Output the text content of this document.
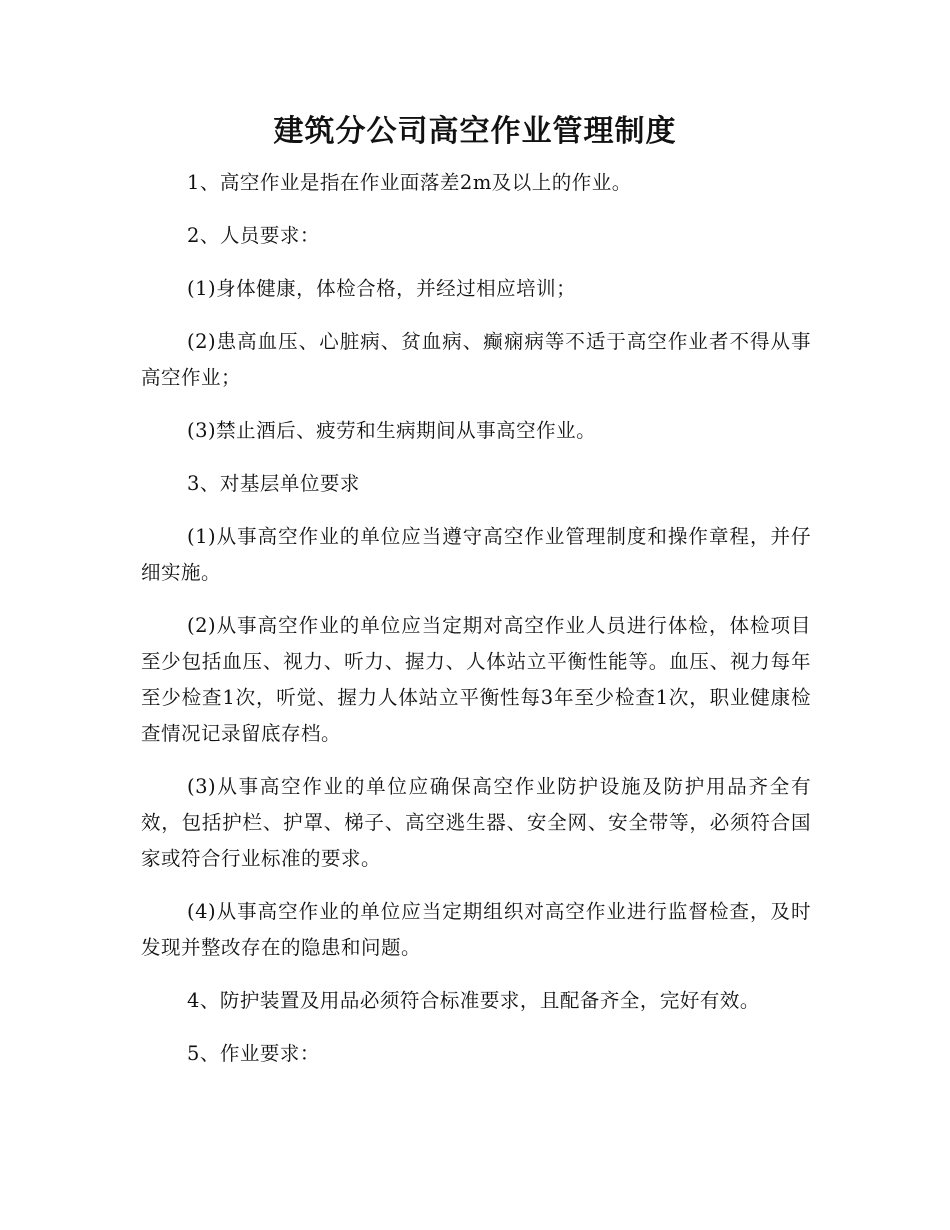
建筑分公司高空作业管理制度

1、高空作业是指在作业面落差2m及以上的作业。

2、人员要求：

(1)身体健康，体检合格，并经过相应培训；

(2)患高血压、心脏病、贫血病、癫痫病等不适于高空作业者不得从事高空作业；

(3)禁止酒后、疲劳和生病期间从事高空作业。

3、对基层单位要求

(1)从事高空作业的单位应当遵守高空作业管理制度和操作章程，并仔细实施。

(2)从事高空作业的单位应当定期对高空作业人员进行体检，体检项目至少包括血压、视力、听力、握力、人体站立平衡性能等。血压、视力每年至少检查1次，听觉、握力人体站立平衡性每3年至少检查1次，职业健康检查情况记录留底存档。

(3)从事高空作业的单位应确保高空作业防护设施及防护用品齐全有效，包括护栏、护罩、梯子、高空逃生器、安全网、安全带等，必须符合国家或符合行业标准的要求。

(4)从事高空作业的单位应当定期组织对高空作业进行监督检查，及时发现并整改存在的隐患和问题。

4、防护装置及用品必须符合标准要求，且配备齐全，完好有效。

5、作业要求：
